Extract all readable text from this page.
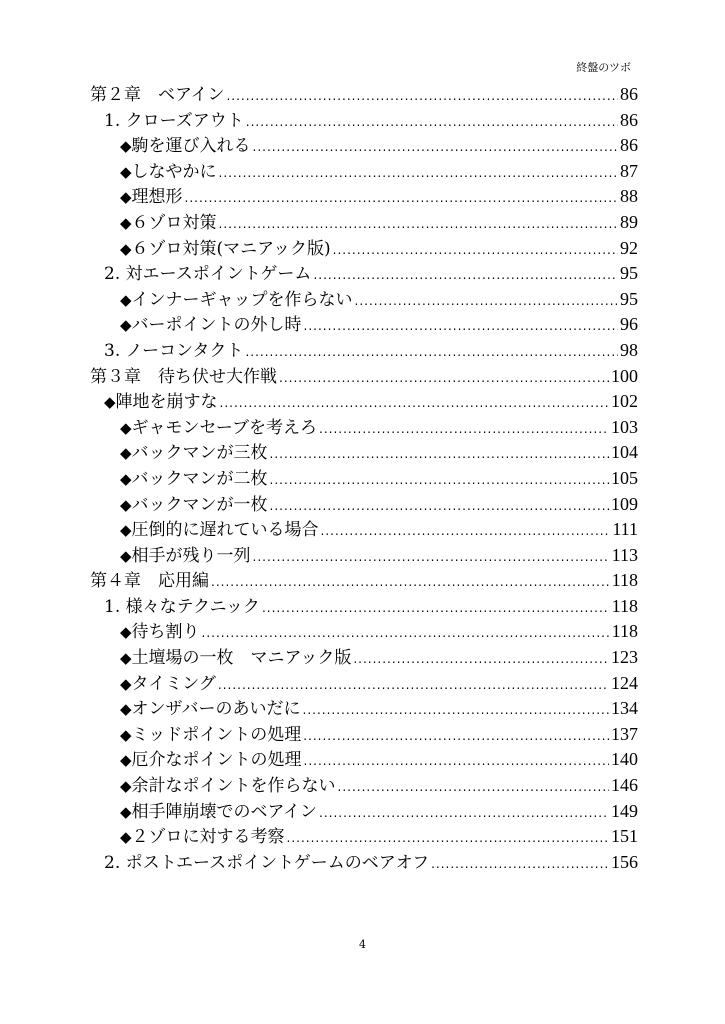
終盤のツボ
第２章　ベアイン .....	86
1. クローズアウト .....	86
◆ 駒を運び入れる .....	86
◆ しなやかに .....	87
◆ 理想形 .....	88
◆ ６ゾロ対策 .....	89
◆ ６ゾロ対策(マニアック版) .....	92
2. 対エースポイントゲーム .....	95
◆ インナーギャップを作らない .....	95
◆ バーポイントの外し時 .....	96
3. ノーコンタクト .....	98
第３章　待ち伏せ大作戦 .....	100
◆ 陣地を崩すな .....	102
◆ ギャモンセーブを考えろ .....	103
◆ バックマンが三枚 .....	104
◆ バックマンが二枚 .....	105
◆ バックマンが一枚 .....	109
◆ 圧倒的に遅れている場合 .....	111
◆ 相手が残り一列 .....	113
第４章　応用編 .....	118
1. 様々なテクニック .....	118
◆ 待ち割り .....	118
◆ 土壇場の一枚　マニアック版 .....	123
◆ タイミング .....	124
◆ オンザバーのあいだに .....	134
◆ ミッドポイントの処理 .....	137
◆ 厄介なポイントの処理 .....	140
◆ 余計なポイントを作らない .....	146
◆ 相手陣崩壊でのベアイン .....	149
◆ ２ゾロに対する考察 .....	151
2. ポストエースポイントゲームのベアオフ .....	156
4
